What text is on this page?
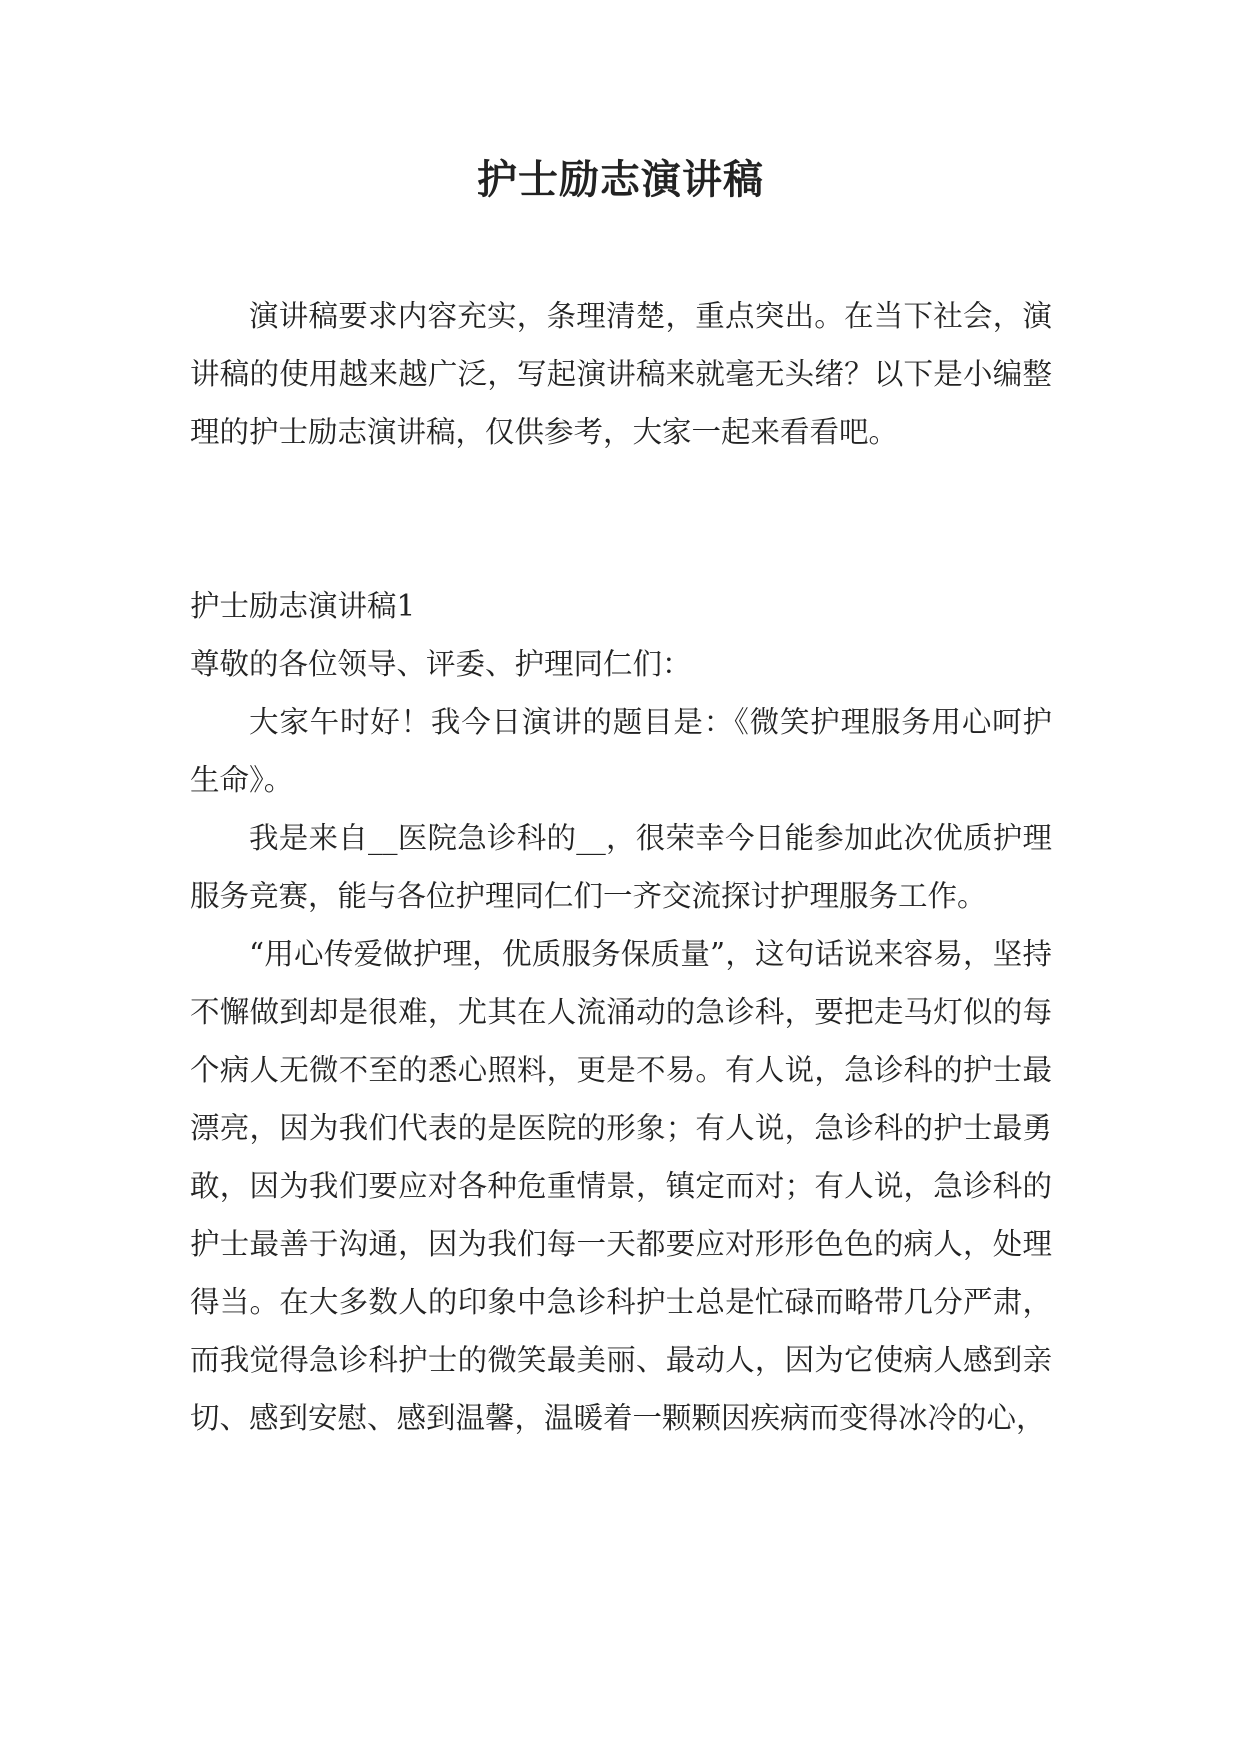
护士励志演讲稿

演讲稿要求内容充实，条理清楚，重点突出。在当下社会，演讲稿的使用越来越广泛，写起演讲稿来就毫无头绪？以下是小编整理的护士励志演讲稿，仅供参考，大家一起来看看吧。

护士励志演讲稿1

尊敬的各位领导、评委、护理同仁们：

大家午时好！我今日演讲的题目是：《微笑护理服务用心呵护生命》。

我是来自__医院急诊科的__，很荣幸今日能参加此次优质护理服务竞赛，能与各位护理同仁们一齐交流探讨护理服务工作。

“用心传爱做护理，优质服务保质量”，这句话说来容易，坚持不懈做到却是很难，尤其在人流涌动的急诊科，要把走马灯似的每个病人无微不至的悉心照料，更是不易。有人说，急诊科的护士最漂亮，因为我们代表的是医院的形象；有人说，急诊科的护士最勇敢，因为我们要应对各种危重情景，镇定而对；有人说，急诊科的护士最善于沟通，因为我们每一天都要应对形形色色的病人，处理得当。在大多数人的印象中急诊科护士总是忙碌而略带几分严肃，而我觉得急诊科护士的微笑最美丽、最动人，因为它使病人感到亲切、感到安慰、感到温馨，温暖着一颗颗因疾病而变得冰冷的心，
